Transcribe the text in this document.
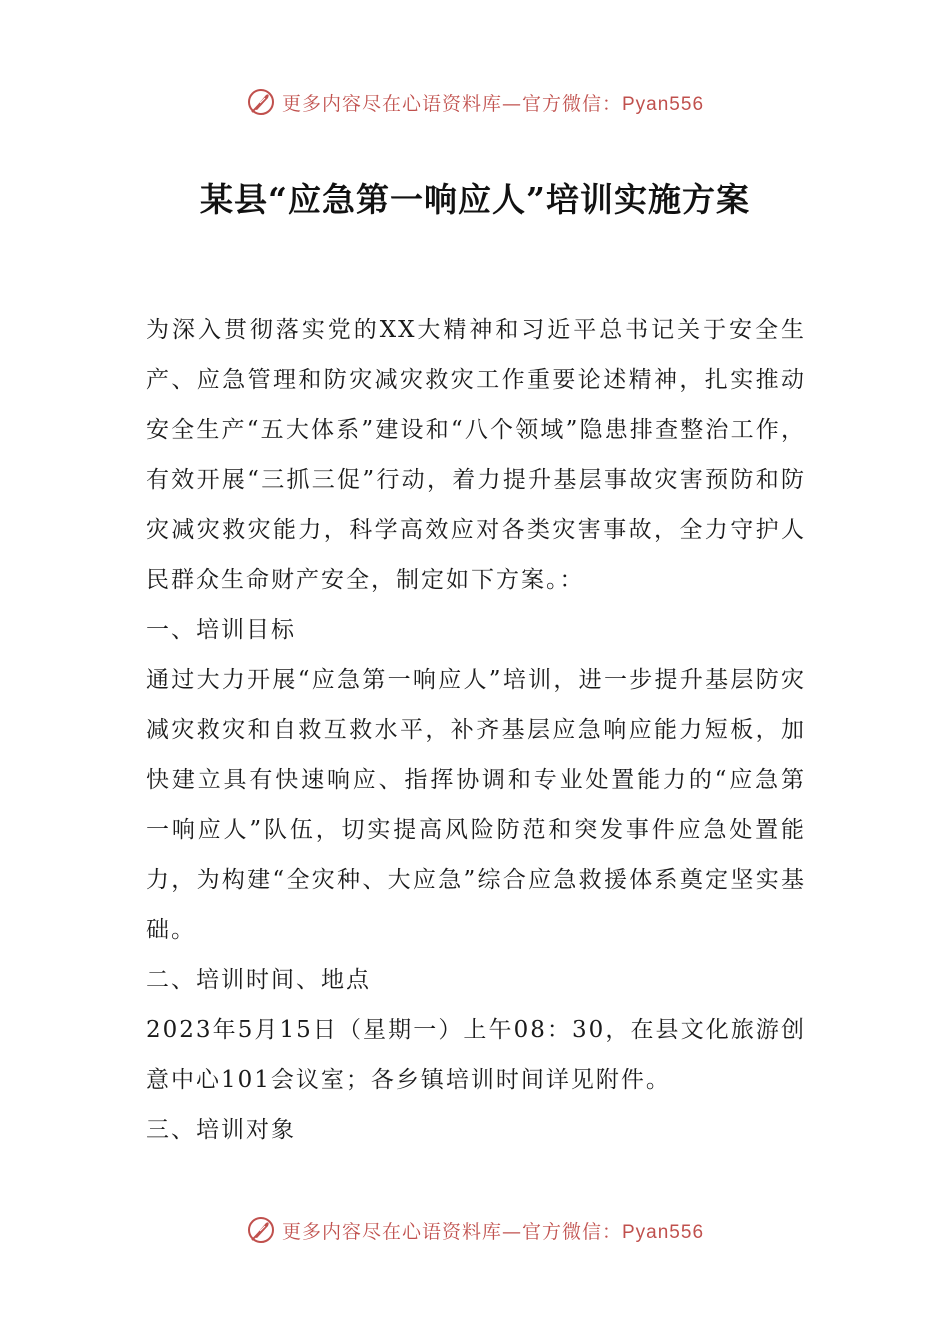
更多内容尽在心语资料库—官方微信：Pyan556
某县“应急第一响应人”培训实施方案

为深入贯彻落实党的XX大精神和习近平总书记关于安全生产、应急管理和防灾减灾救灾工作重要论述精神，扎实推动安全生产“五大体系”建设和“八个领域”隐患排查整治工作，有效开展“三抓三促”行动，着力提升基层事故灾害预防和防灾减灾救灾能力，科学高效应对各类灾害事故，全力守护人民群众生命财产安全，制定如下方案。：

一、培训目标

通过大力开展“应急第一响应人”培训，进一步提升基层防灾减灾救灾和自救互救水平，补齐基层应急响应能力短板，加快建立具有快速响应、指挥协调和专业处置能力的“应急第一响应人”队伍，切实提高风险防范和突发事件应急处置能力，为构建“全灾种、大应急”综合应急救援体系奠定坚实基础。

二、培训时间、地点

2023年5月15日（星期一）上午08：30，在县文化旅游创意中心101会议室；各乡镇培训时间详见附件。

三、培训对象

更多内容尽在心语资料库—官方微信：Pyan556
